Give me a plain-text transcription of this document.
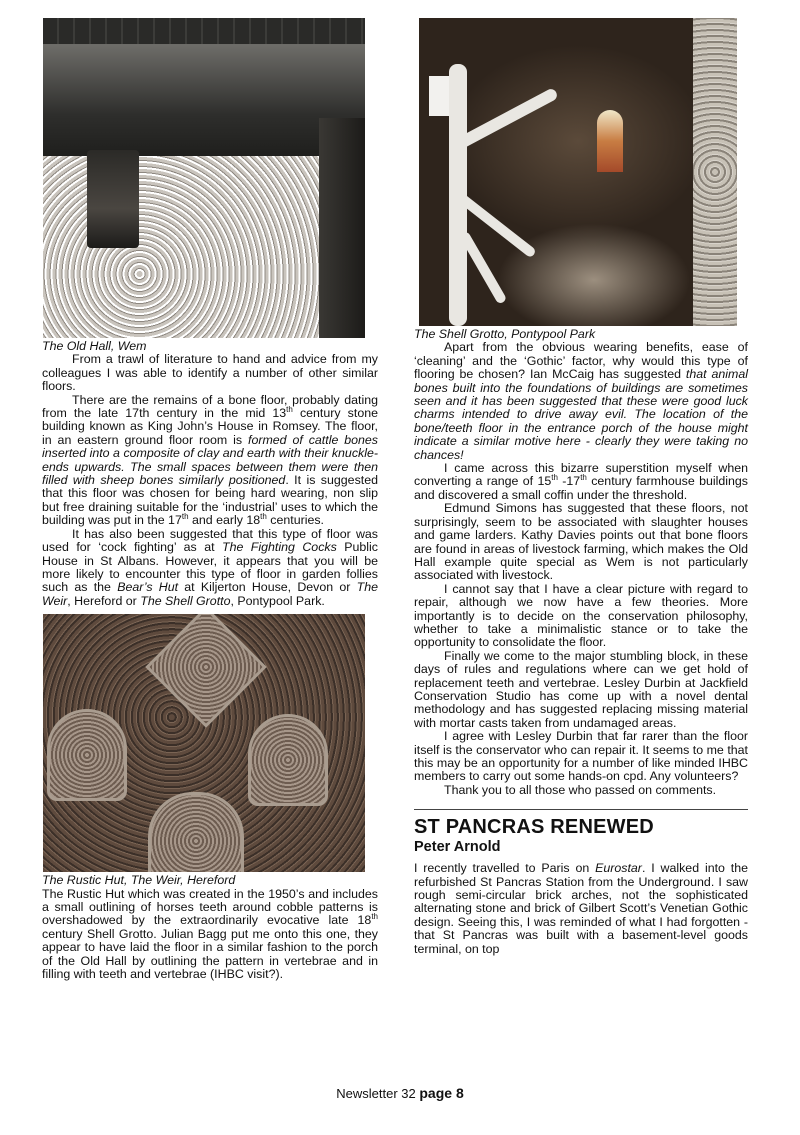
The Old Hall, Wem

From a trawl of literature to hand and advice from my colleagues I was able to identify a number of other similar floors.

There are the remains of a bone floor, probably dating from the late 17th century in the mid 13th century stone building known as King John’s House in Romsey. The floor, in an eastern ground floor room is formed of cattle bones inserted into a composite of clay and earth with their knuckle-ends upwards. The small spaces between them were then filled with sheep bones similarly positioned. It is suggested that this floor was chosen for being hard wearing, non slip but free draining suitable for the ‘industrial’ uses to which the building was put in the 17th and early 18th centuries.

It has also been suggested that this type of floor was used for ‘cock fighting’ as at The Fighting Cocks Public House in St Albans. However, it appears that you will be more likely to encounter this type of floor in garden follies such as the Bear’s Hut at Kiljerton House, Devon or The Weir, Hereford or The Shell Grotto, Pontypool Park.

The Rustic Hut, The Weir, Hereford

The Rustic Hut which was created in the 1950’s and includes a small outlining of horses teeth around cobble patterns is overshadowed by the extraordinarily evocative late 18th century Shell Grotto. Julian Bagg put me onto this one, they appear to have laid the floor in a similar fashion to the porch of the Old Hall by outlining the pattern in vertebrae and in filling with teeth and vertebrae (IHBC visit?).

The Shell Grotto, Pontypool Park

Apart from the obvious wearing benefits, ease of ‘cleaning’ and the ‘Gothic’ factor, why would this type of flooring be chosen? Ian McCaig has suggested that animal bones built into the foundations of buildings are sometimes seen and it has been suggested that these were good luck charms intended to drive away evil. The location of the bone/teeth floor in the entrance porch of the house might indicate a similar motive here - clearly they were taking no chances!

I came across this bizarre superstition myself when converting a range of 15th -17th century farmhouse buildings and discovered a small coffin under the threshold.

Edmund Simons has suggested that these floors, not surprisingly, seem to be associated with slaughter houses and game larders. Kathy Davies points out that bone floors are found in areas of livestock farming, which makes the Old Hall example quite special as Wem is not particularly associated with livestock.

I cannot say that I have a clear picture with regard to repair, although we now have a few theories. More importantly is to decide on the conservation philosophy, whether to take a minimalistic stance or to take the opportunity to consolidate the floor.

Finally we come to the major stumbling block, in these days of rules and regulations where can we get hold of replacement teeth and vertebrae. Lesley Durbin at Jackfield Conservation Studio has come up with a novel dental methodology and has suggested replacing missing material with mortar casts taken from undamaged areas.

I agree with Lesley Durbin that far rarer than the floor itself is the conservator who can repair it. It seems to me that this may be an opportunity for a number of like minded IHBC members to carry out some hands-on cpd. Any volunteers?

Thank you to all those who passed on comments.

ST PANCRAS RENEWED
Peter Arnold

I recently travelled to Paris on Eurostar. I walked into the refurbished St Pancras Station from the Underground. I saw rough semi-circular brick arches, not the sophisticated alternating stone and brick of Gilbert Scott’s Venetian Gothic design. Seeing this, I was reminded of what I had forgotten - that St Pancras was built with a basement-level goods terminal, on top

Newsletter 32 page 8
